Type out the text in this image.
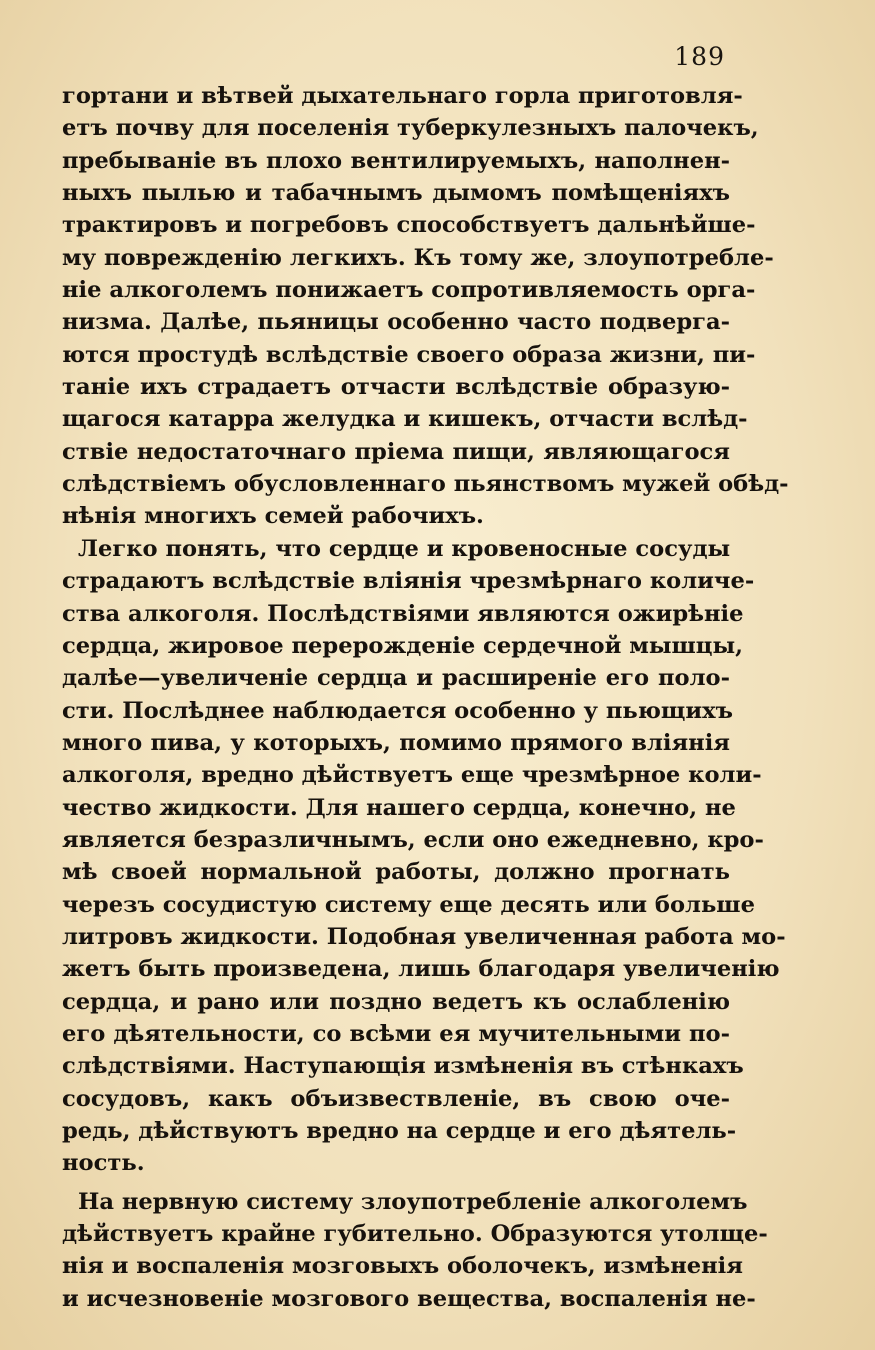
189
гортани и вѣтвей дыхательнаго горла приготовля-
етъ почву для поселенія туберкулезныхъ палочекъ,
пребываніе въ плохо вентилируемыхъ, наполнен-
ныхъ пылью и табачнымъ дымомъ помѣщеніяхъ
трактировъ и погребовъ способствуетъ дальнѣйше-
му поврежденію легкихъ. Къ тому же, злоупотребле-
ніе алкоголемъ понижаетъ сопротивляемость орга-
низма. Далѣе, пьяницы особенно часто подверга-
ются простудѣ вслѣдствіе своего образа жизни, пи-
таніе ихъ страдаетъ отчасти вслѣдствіе образую-
щагося катарра желудка и кишекъ, отчасти вслѣд-
ствіе недостаточнаго пріема пищи, являющагося
слѣдствіемъ обусловленнаго пьянствомъ мужей обѣд-
нѣнія многихъ семей рабочихъ.
Легко понять, что сердце и кровеносные сосуды
страдаютъ вслѣдствіе вліянія чрезмѣрнаго количе-
ства алкоголя. Послѣдствіями являются ожирѣніе
сердца, жировое перерожденіе сердечной мышцы,
далѣе—увеличеніе сердца и расширеніе его поло-
сти. Послѣднее наблюдается особенно у пьющихъ
много пива, у которыхъ, помимо прямого вліянія
алкоголя, вредно дѣйствуетъ еще чрезмѣрное коли-
чество жидкости. Для нашего сердца, конечно, не
является безразличнымъ, если оно ежедневно, кро-
мѣ своей нормальной работы, должно прогнать
черезъ сосудистую систему еще десять или больше
литровъ жидкости. Подобная увеличенная работа мо-
жетъ быть произведена, лишь благодаря увеличенію
сердца, и рано или поздно ведетъ къ ослабленію
его дѣятельности, со всѣми ея мучительными по-
слѣдствіями. Наступающія измѣненія въ стѣнкахъ
сосудовъ, какъ объизвествленіе, въ свою оче-
редь, дѣйствуютъ вредно на сердце и его дѣятель-
ность.
На нервную систему злоупотребленіе алкоголемъ
дѣйствуетъ крайне губительно. Образуются утолще-
нія и воспаленія мозговыхъ оболочекъ, измѣненія
и исчезновеніе мозгового вещества, воспаленія не-
